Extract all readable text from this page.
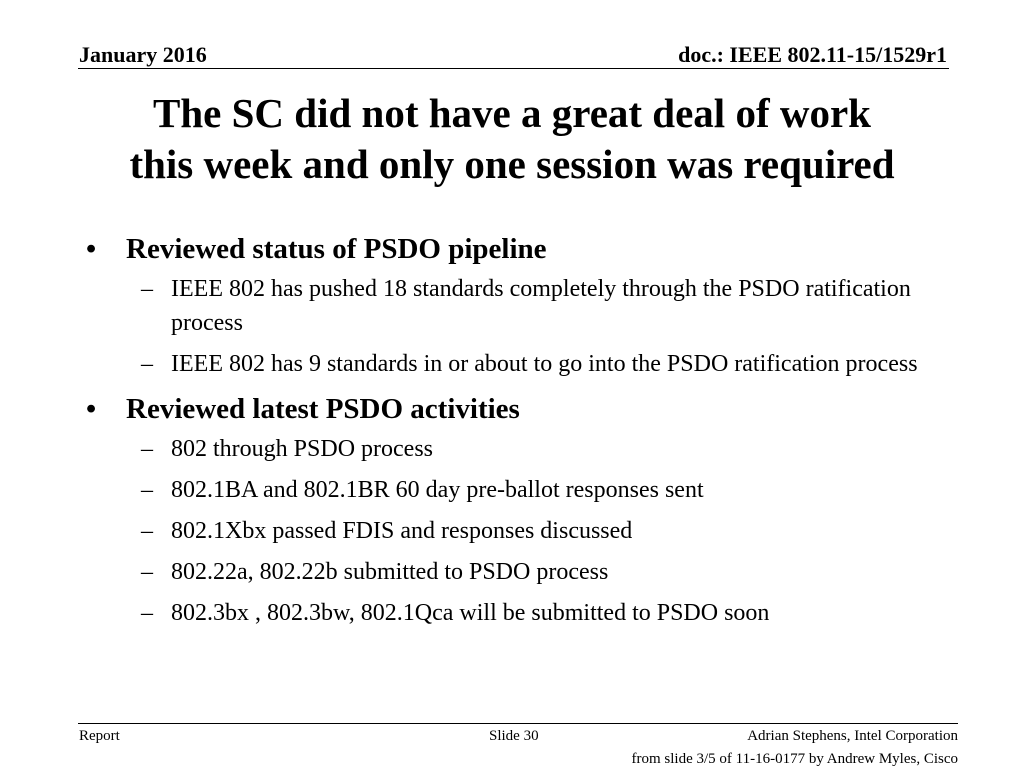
January 2016	doc.: IEEE 802.11-15/1529r1
The SC did not have a great deal of work
this week and only one session was required
• Reviewed status of PSDO pipeline
– IEEE 802 has pushed 18 standards completely through the PSDO ratification process
– IEEE 802 has 9 standards in or about to go into the PSDO ratification process
• Reviewed latest PSDO activities
– 802 through PSDO process
– 802.1BA and 802.1BR 60 day pre-ballot responses sent
– 802.1Xbx passed FDIS and responses discussed
– 802.22a, 802.22b submitted to PSDO process
– 802.3bx , 802.3bw, 802.1Qca will be submitted to PSDO soon
Report	Slide 30	Adrian Stephens, Intel Corporation
from slide 3/5 of 11-16-0177 by Andrew Myles, Cisco
